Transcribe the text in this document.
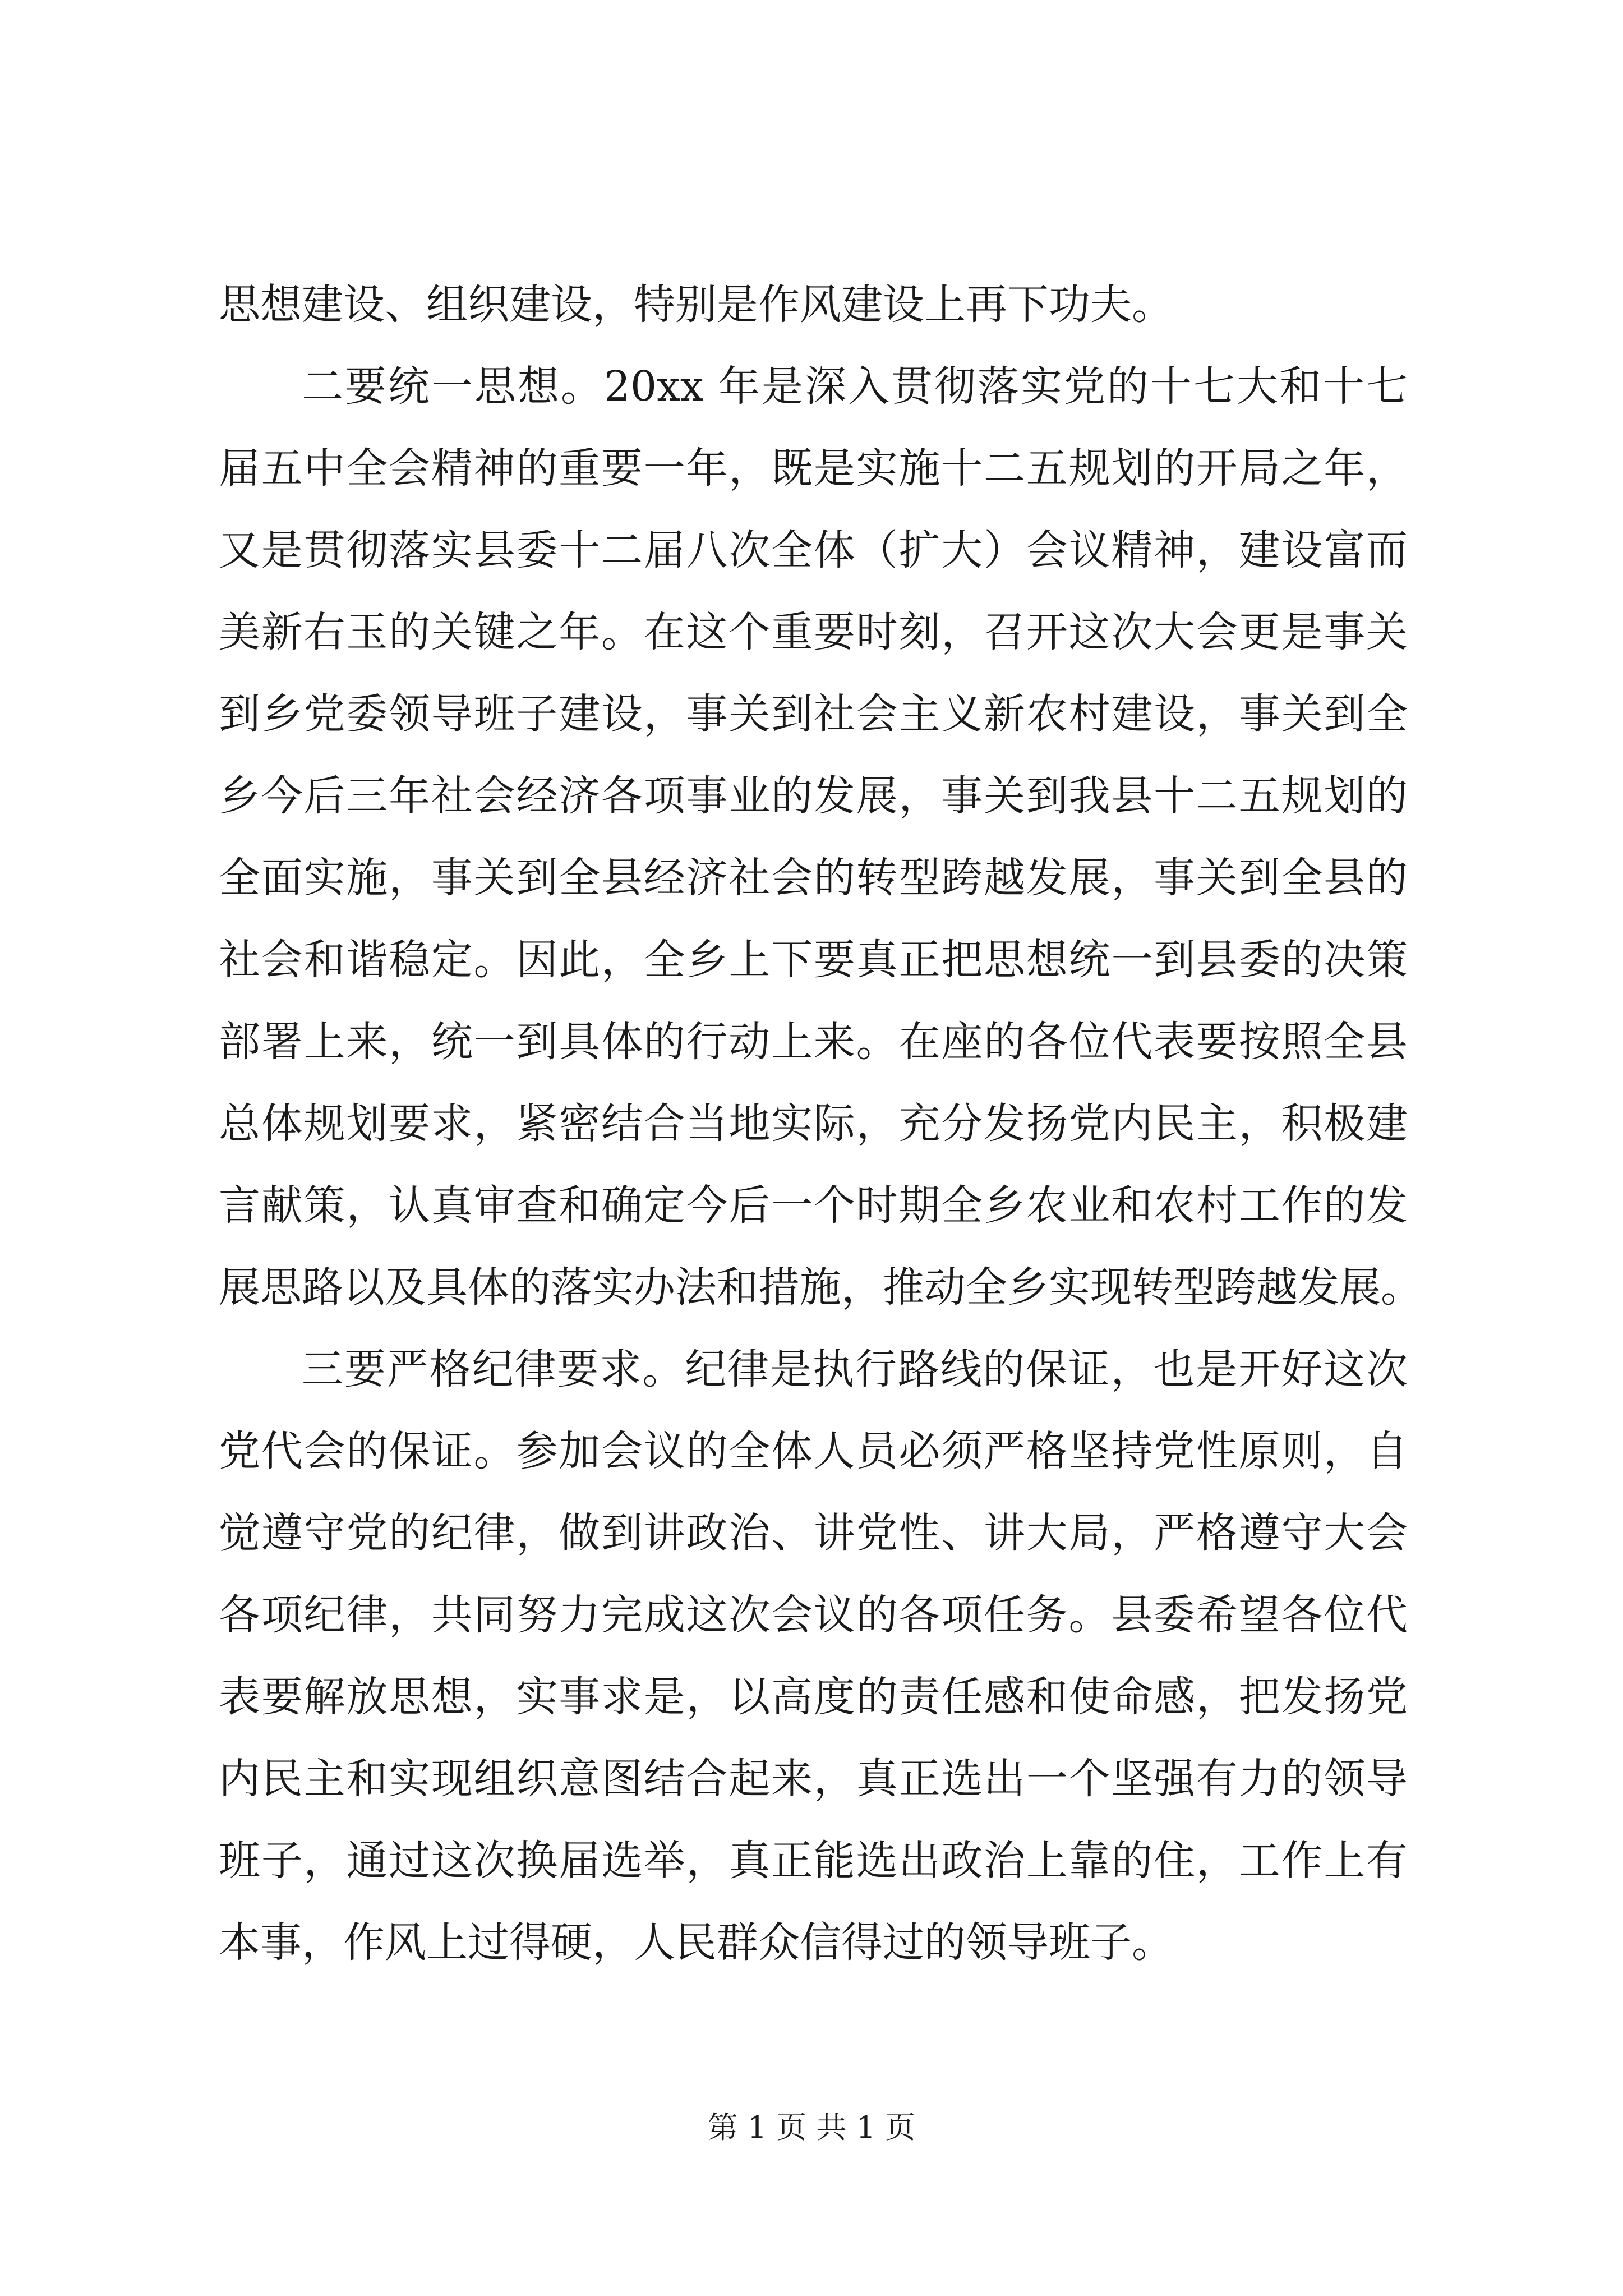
思想建设、组织建设，特别是作风建设上再下功夫。
二要统一思想。20xx 年是深入贯彻落实党的十七大和十七
届五中全会精神的重要一年，既是实施十二五规划的开局之年，
又是贯彻落实县委十二届八次全体（扩大）会议精神，建设富而
美新右玉的关键之年。在这个重要时刻，召开这次大会更是事关
到乡党委领导班子建设，事关到社会主义新农村建设，事关到全
乡今后三年社会经济各项事业的发展，事关到我县十二五规划的
全面实施，事关到全县经济社会的转型跨越发展，事关到全县的
社会和谐稳定。因此，全乡上下要真正把思想统一到县委的决策
部署上来，统一到具体的行动上来。在座的各位代表要按照全县
总体规划要求，紧密结合当地实际，充分发扬党内民主，积极建
言献策，认真审查和确定今后一个时期全乡农业和农村工作的发
展思路以及具体的落实办法和措施，推动全乡实现转型跨越发展。
三要严格纪律要求。纪律是执行路线的保证，也是开好这次
党代会的保证。参加会议的全体人员必须严格坚持党性原则，自
觉遵守党的纪律，做到讲政治、讲党性、讲大局，严格遵守大会
各项纪律，共同努力完成这次会议的各项任务。县委希望各位代
表要解放思想，实事求是，以高度的责任感和使命感，把发扬党
内民主和实现组织意图结合起来，真正选出一个坚强有力的领导
班子，通过这次换届选举，真正能选出政治上靠的住，工作上有
本事，作风上过得硬，人民群众信得过的领导班子。
第 1 页 共 1 页
